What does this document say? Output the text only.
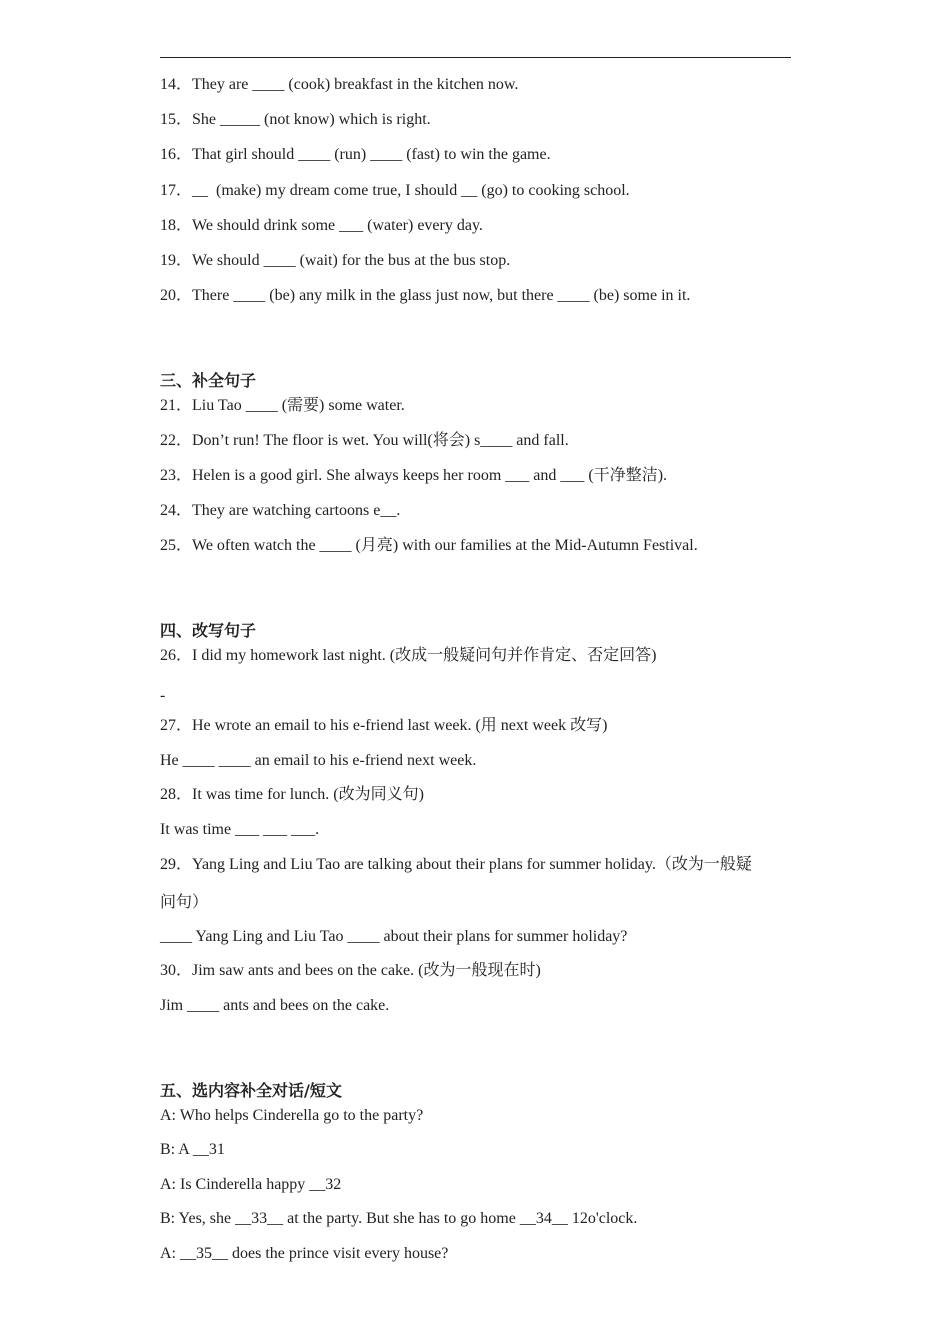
14．They are ____ (cook) breakfast in the kitchen now.
15．She _____ (not know) which is right.
16．That girl should ____ (run) ____ (fast) to win the game.
17．__  (make) my dream come true, I should __ (go) to cooking school.
18．We should drink some ___ (water) every day.
19．We should ____ (wait) for the bus at the bus stop.
20．There ____ (be) any milk in the glass just now, but there ____ (be) some in it.
三、补全句子
21．Liu Tao ____ (需要) some water.
22．Don’t run! The floor is wet. You will(将会) s____ and fall.
23．Helen is a good girl. She always keeps her room ___ and ___ (干净整洁).
24．They are watching cartoons e__.
25．We often watch the ____ (月亮) with our families at the Mid-Autumn Festival.
四、改写句子
26．I did my homework last night. (改成一般疑问句并作肯定、否定回答)
-
27．He wrote an email to his e-friend last week. (用 next week 改写)
He ____ ____ an email to his e-friend next week.
28．It was time for lunch. (改为同义句)
It was time ___ ___ ___.
29．Yang Ling and Liu Tao are talking about their plans for summer holiday.（改为一般疑
问句）
____ Yang Ling and Liu Tao ____ about their plans for summer holiday?
30．Jim saw ants and bees on the cake. (改为一般现在时)
Jim ____ ants and bees on the cake.
五、选内容补全对话/短文
A: Who helps Cinderella go to the party?
B: A __31
A: Is Cinderella happy __32
B: Yes, she __33__ at the party. But she has to go home __34__ 12o'clock.
A: __35__ does the prince visit every house?
